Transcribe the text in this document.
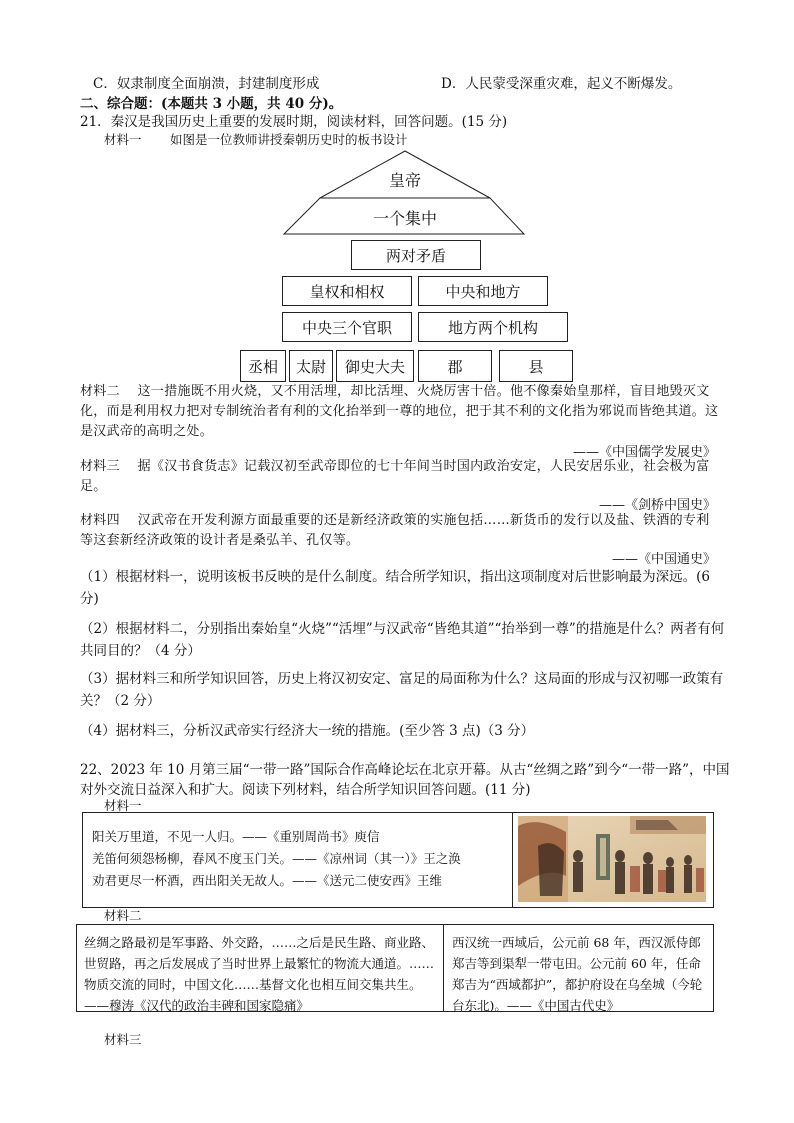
C．奴隶制度全面崩溃，封建制度形成	D．人民蒙受深重灾难，起义不断爆发。
二、综合题：(本题共 3 小题，共 40 分)。
21．秦汉是我国历史上重要的发展时期，阅读材料，回答问题。(15 分)
材料一 如图是一位教师讲授秦朝历史时的板书设计
皇帝
一个集中
两对矛盾
皇权和相权	中央和地方
中央三个官职	地方两个机构
丞相	太尉	御史大夫	郡	县
材料二　 这一措施既不用火烧，又不用活埋，却比活埋、火烧厉害十倍。他不像秦始皇那样，盲目地毁灭文化，而是利用权力把对专制统治者有利的文化抬举到一尊的地位，把于其不利的文化指为邪说而皆绝其道。这是汉武帝的高明之处。
——《中国儒学发展史》
材料三　 据《汉书食货志》记载汉初至武帝即位的七十年间当时国内政治安定，人民安居乐业，社会极为富足。
——《剑桥中国史》
材料四　 汉武帝在开发利源方面最重要的还是新经济政策的实施包括……新货币的发行以及盐、铁酒的专利等这套新经济政策的设计者是桑弘羊、孔仅等。
——《中国通史》
（1）根据材料一，说明该板书反映的是什么制度。结合所学知识，指出这项制度对后世影响最为深远。(6 分)
（2）根据材料二，分别指出秦始皇“火烧”“活埋”与汉武帝“皆绝其道”“抬举到一尊”的措施是什么？两者有何共同目的？（4 分）
（3）据材料三和所学知识回答，历史上将汉初安定、富足的局面称为什么？这局面的形成与汉初哪一政策有关？（2 分）
（4）据材料三，分析汉武帝实行经济大一统的措施。(至少答 3 点)（3 分）
22、2023 年 10 月第三届“一带一路”国际合作高峰论坛在北京开幕。从古“丝绸之路”到今“一带一路”，中国对外交流日益深入和扩大。阅读下列材料，结合所学知识回答问题。(11 分)
材料一
阳关万里道，不见一人归。——《重别周尚书》庾信
羌笛何须怨杨柳，春风不度玉门关。——《凉州词（其一）》王之涣
劝君更尽一杯酒，西出阳关无故人。——《送元二使安西》王维
材料二
丝绸之路最初是军事路、外交路，……之后是民生路、商业路、世贸路，再之后发展成了当时世界上最繁忙的物流大通道。……物质交流的同时，中国文化……基督文化也相互间交集共生。——穆涛《汉代的政治丰碑和国家隐痛》
西汉统一西域后，公元前 68 年，西汉派侍郎郑吉等到渠犁一带屯田。公元前 60 年，任命郑吉为“西域都护”，都护府设在乌垒城（今轮台东北)。——《中国古代史》
材料三
